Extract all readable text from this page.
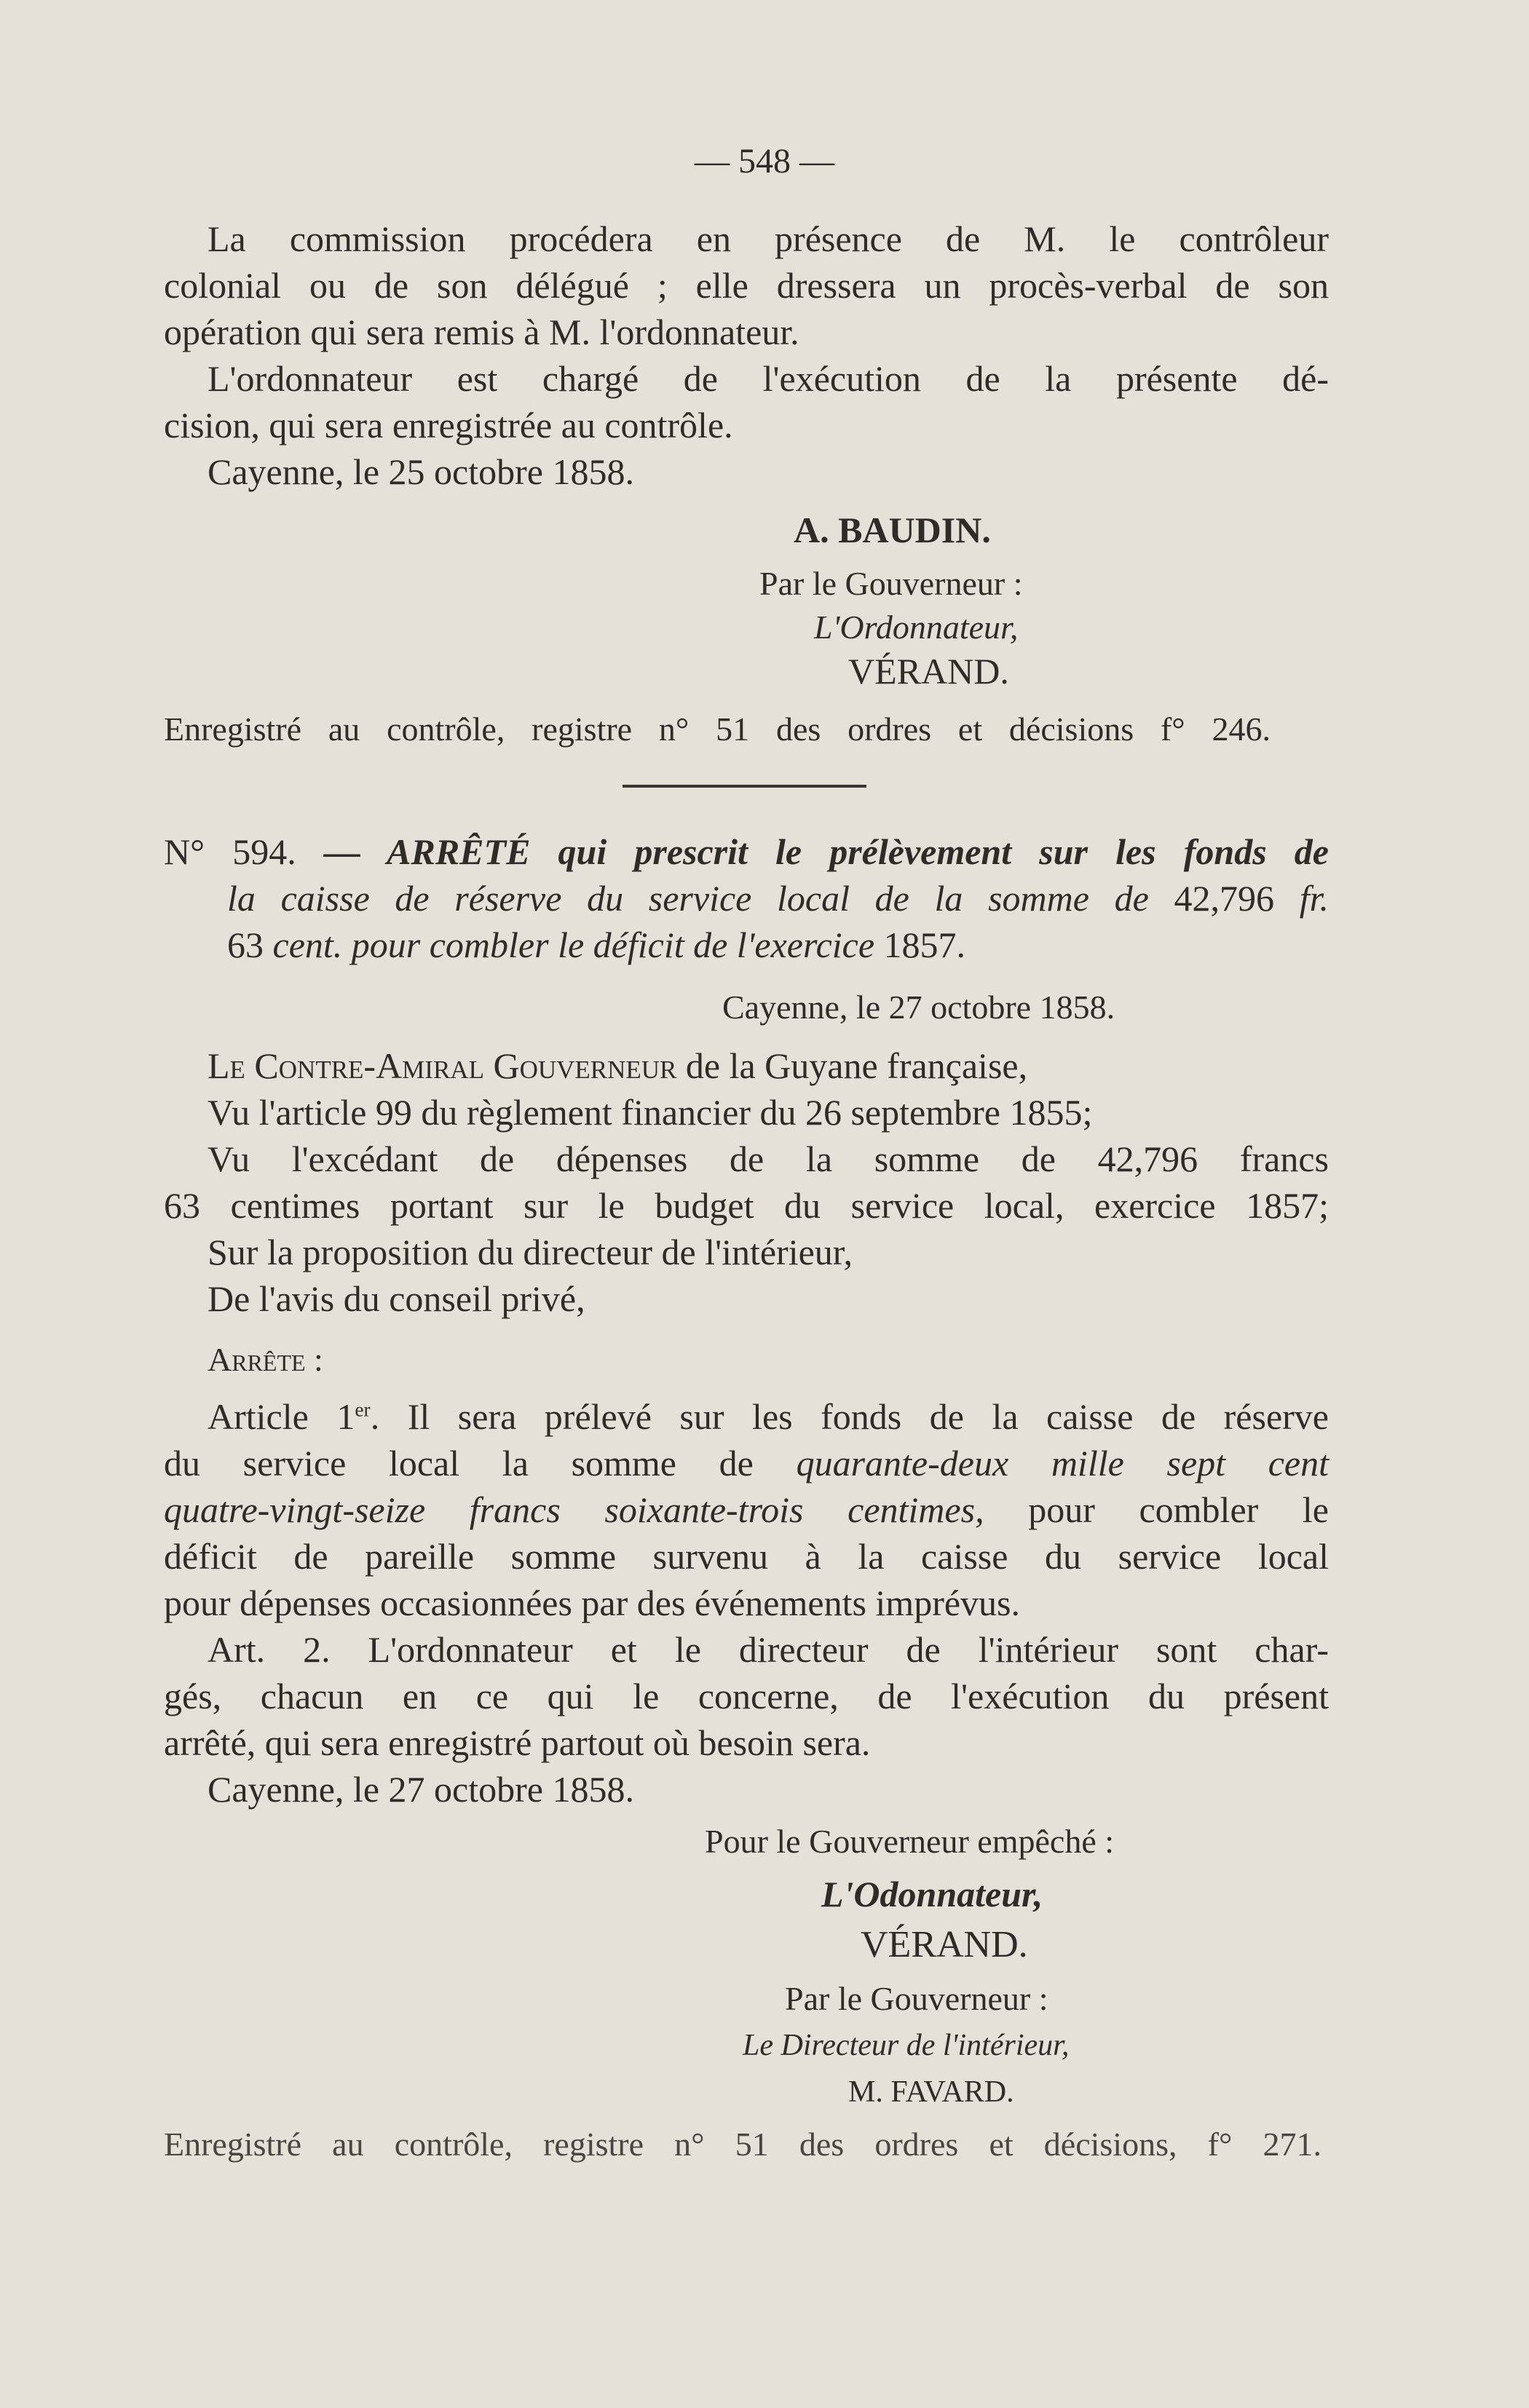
— 548 —
La commission procédera en présence de M. le contrôleur
colonial ou de son délégué ; elle dressera un procès-verbal de son
opération qui sera remis à M. l'ordonnateur.
L'ordonnateur est chargé de l'exécution de la présente dé-
cision, qui sera enregistrée au contrôle.
Cayenne, le 25 octobre 1858.
A. BAUDIN.
Par le Gouverneur :
L'Ordonnateur,
VÉRAND.
Enregistré au contrôle, registre n° 51 des ordres et décisions f° 246.
N° 594. — ARRÊTÉ qui prescrit le prélèvement sur les fonds de
la caisse de réserve du service local de la somme de 42,796 fr.
63 cent. pour combler le déficit de l'exercice 1857.
Cayenne, le 27 octobre 1858.
Le Contre-Amiral Gouverneur de la Guyane française,
Vu l'article 99 du règlement financier du 26 septembre 1855;
Vu l'excédant de dépenses de la somme de 42,796 francs
63 centimes portant sur le budget du service local, exercice 1857;
Sur la proposition du directeur de l'intérieur,
De l'avis du conseil privé,
Arrête :
Article 1er. Il sera prélevé sur les fonds de la caisse de réserve
du service local la somme de quarante-deux mille sept cent
quatre-vingt-seize francs soixante-trois centimes, pour combler le
déficit de pareille somme survenu à la caisse du service local
pour dépenses occasionnées par des événements imprévus.
Art. 2. L'ordonnateur et le directeur de l'intérieur sont char-
gés, chacun en ce qui le concerne, de l'exécution du présent
arrêté, qui sera enregistré partout où besoin sera.
Cayenne, le 27 octobre 1858.
Pour le Gouverneur empêché :
L'Odonnateur,
VÉRAND.
Par le Gouverneur :
Le Directeur de l'intérieur,
M. FAVARD.
Enregistré au contrôle, registre n° 51 des ordres et décisions, f° 271.
